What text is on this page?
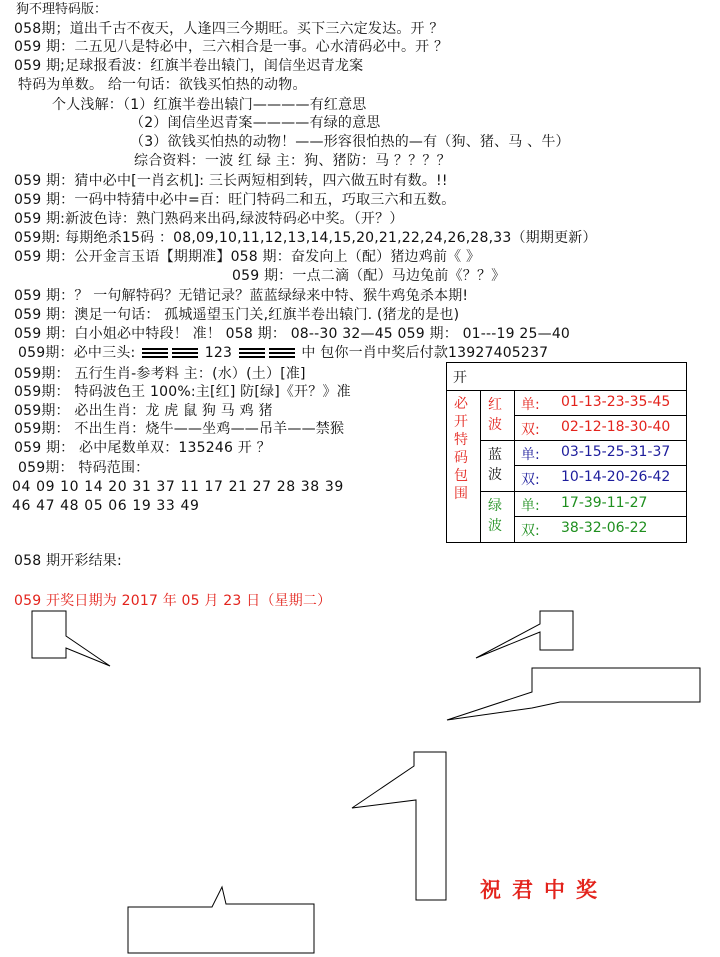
狗不理特码版：
058期；道出千古不夜天，人逢四三今期旺。买下三六定发达。开 ？
059 期：二五见八是特必中，三六相合是一事。心水清码必中。开 ？
059 期;足球报看波：红旗半卷出辕门，闺信坐迟青龙案
特码为单数。 给一句话：欲钱买怕热的动物。
个人浅解：（1）红旗半卷出辕门————有红意思
（2）闺信坐迟青案————有绿的意思
（3）欲钱买怕热的动物！——形容很怕热的—有（狗、猪、马 、牛）
综合资料：一波 红 绿 主：狗、猪防：马 ？？？？
059 期：猜中必中[一肖玄机]: 三长两短相到转，四六做五时有数。!!
059 期：一码中特猜中必中=百：旺门特码二和五，巧取三六和五数。
059 期:新波色诗：熟门熟码来出码,绿波特码必中奖。（开？）
059期: 每期绝杀15码 ：08,09,10,11,12,13,14,15,20,21,22,24,26,28,33（期期更新）
059 期：公开金言玉语【期期准】058 期：奋发向上（配）猪边鸡前《 》
059 期：一点二滴（配）马边兔前《？？》
059 期：？ 一句解特码？无错记录？蓝蓝绿绿来中特、猴牛鸡兔杀本期!
059 期：澳足一句话： 孤城遥望玉门关,红旗半卷出辕门. (猪龙的是也)
059 期：白小姐必中特段！ 准！ 058 期： 08--30 32—45 059 期： 01---19 25—40
059期：必中三头:	123	中 包你一肖中奖后付款13927405237
059期： 五行生肖-参考料 主：(水）(土）[准]
059期： 特码波色王 100%:主[红] 防[绿]《开？》准
059期： 必出生肖：龙 虎 鼠 狗 马 鸡 猪
059期： 不出生肖：烧牛——坐鸡——吊羊——禁猴
059 期： 必中尾数单双：135246 开 ？
059期： 特码范围：
04 09 10 14 20 31 37 11 17 21 27 28 38 39
46 47 48 05 06 19 33 49
058 期开彩结果:
059 开奖日期为 2017 年 05 月 23 日（星期二）
开
必开特码包围
红波
单: 01-13-23-35-45
双: 02-12-18-30-40
蓝波
单: 03-15-25-31-37
双: 10-14-20-26-42
绿波
单: 17-39-11-27
双: 38-32-06-22
祝君中奖
